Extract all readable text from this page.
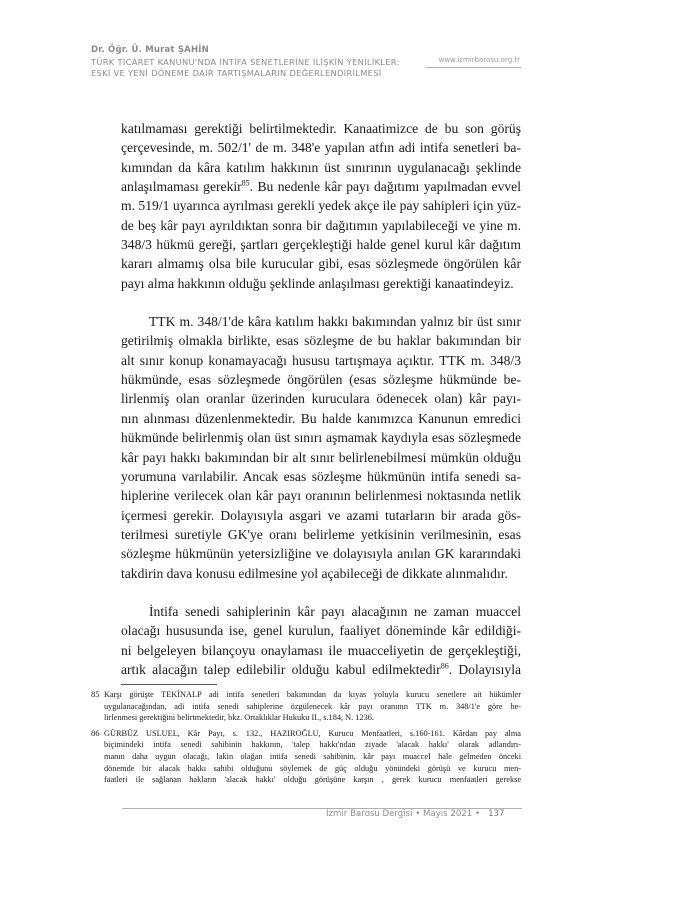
Dr. Öğr. Ü. Murat ŞAHİN
TÜRK TİCARET KANUNU'NDA İNTİFA SENETLERİNE İLİŞKİN YENİLİKLER:
ESKİ VE YENİ DÖNEME DAİR TARTIŞMALARIN DEĞERLENDİRİLMESİ
www.izmirbarosu.org.tr
katılmaması gerektiği belirtilmektedir. Kanaatimizce de bu son görüş
çerçevesinde, m. 502/1' de m. 348'e yapılan atfın adi intifa senetleri ba-
kımından da kâra katılım hakkının üst sınırının uygulanacağı şeklinde
anlaşılmaması gerekir$^{85}$. Bu nedenle kâr payı dağıtımı yapılmadan evvel
m. 519/1 uyarınca ayrılması gerekli yedek akçe ile pay sahipleri için yüz-
de beş kâr payı ayrıldıktan sonra bir dağıtımın yapılabileceği ve yine m.
348/3 hükmü gereği, şartları gerçekleştiği halde genel kurul kâr dağıtım
kararı almamış olsa bile kurucular gibi, esas sözleşmede öngörülen kâr
payı alma hakkının olduğu şeklinde anlaşılması gerektiği kanaatindeyiz.
TTK m. 348/1'de kâra katılım hakkı bakımından yalnız bir üst sınır
getirilmiş olmakla birlikte, esas sözleşme de bu haklar bakımından bir
alt sınır konup konamayacağı hususu tartışmaya açıktır. TTK m. 348/3
hükmünde, esas sözleşmede öngörülen (esas sözleşme hükmünde be-
lirlenmiş olan oranlar üzerinden kuruculara ödenecek olan) kâr payı-
nın alınması düzenlenmektedir. Bu halde kanımızca Kanunun emredici
hükmünde belirlenmiş olan üst sınırı aşmamak kaydıyla esas sözleşmede
kâr payı hakkı bakımından bir alt sınır belirlenebilmesi mümkün olduğu
yorumuna varılabilir. Ancak esas sözleşme hükmünün intifa senedi sa-
hiplerine verilecek olan kâr payı oranının belirlenmesi noktasında netlik
içermesi gerekir. Dolayısıyla asgari ve azami tutarların bir arada gös-
terilmesi suretiyle GK'ye oranı belirleme yetkisinin verilmesinin, esas
sözleşme hükmünün yetersizliğine ve dolayısıyla anılan GK kararındaki
takdirin dava konusu edilmesine yol açabileceği de dikkate alınmalıdır.
İntifa senedi sahiplerinin kâr payı alacağının ne zaman muaccel
olacağı hususunda ise, genel kurulun, faaliyet döneminde kâr edildiği-
ni belgeleyen bilançoyu onaylaması ile muacceliyetin de gerçekleştiği,
artık alacağın talep edilebilir olduğu kabul edilmektedir$^{86}$. Dolayısıyla
85 Karşı görüşte TEKİNALP adi intifa senetleri bakımından da kıyas yoluyla kurucu senetlere ait hükümler
uygulanacağından, adi intifa senedi sahiplerine özgülenecek kâr payı oranının TTK m. 348/1'e göre be-
lirlenmesi gerektiğini belirtmektedir, bkz. Ortaklıklar Hukuku II., s.184, N. 1236.
86 GÜRBÜZ USLUEL, Kâr Payı, s. 132., HAZIROĞLU, Kurucu Menfaatleri, s.160-161. Kârdan pay alma
biçimindeki intifa senedi sahibinin hakkının, 'talep hakkı'ndan ziyade 'alacak hakkı' olarak adlandırı-
manın daha uygun olacağı, lakin olağan intifa senedi sahibinin, kâr payı muacceI hale gelmeden önceki
dönemde bir alacak hakkı sahibi olduğunu söylemek de güç olduğu yönündeki görüşü ve kurucu men-
faatleri ile sağlanan hakların 'alacak hakkı' olduğu görüşüne karşın , gerek kurucu menfaatleri gerekse
İzmir Barosu Dergisi • Mayıs 2021 • 137
